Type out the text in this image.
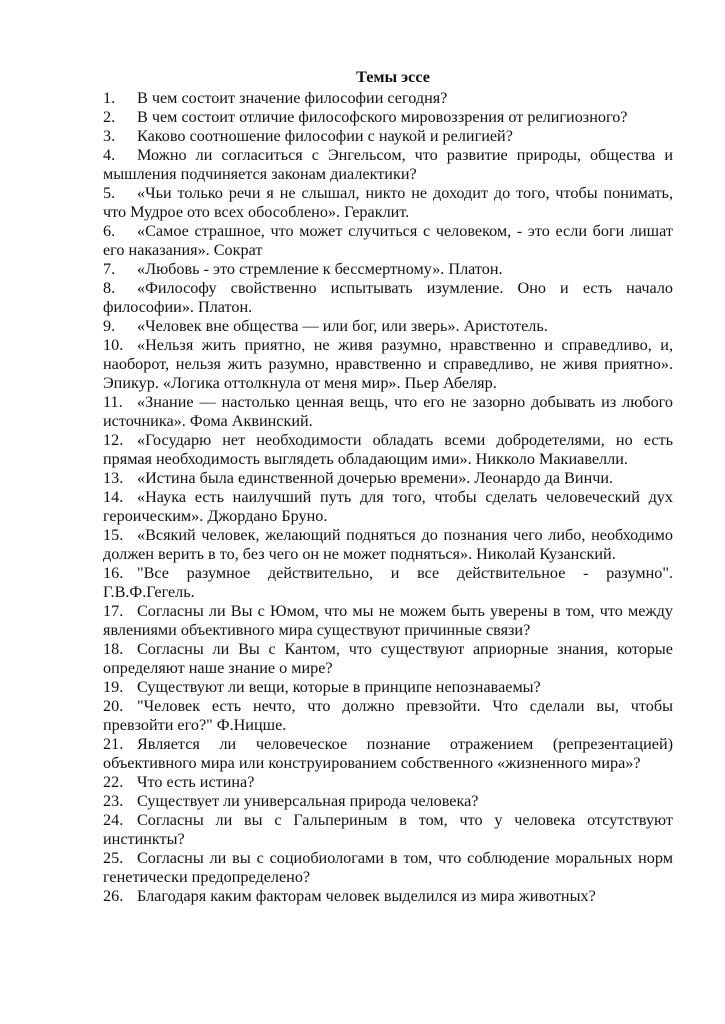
Темы эссе

1. В чем состоит значение философии сегодня?

2. В чем состоит отличие философского мировоззрения от религиозного?

3. Каково соотношение философии с наукой и религией?

4. Можно ли согласиться с Энгельсом, что развитие природы, общества и мышления подчиняется законам диалектики?

5. «Чьи только речи я не слышал, никто не доходит до того, чтобы понимать, что Мудрое ото всех обособлено». Гераклит.

6. «Самое страшное, что может случиться с человеком, - это если боги лишат его наказания». Сократ

7. «Любовь - это стремление к бессмертному». Платон.

8. «Философу свойственно испытывать изумление. Оно и есть начало философии». Платон.

9. «Человек вне общества — или бог, или зверь». Аристотель.

10. «Нельзя жить приятно, не живя разумно, нравственно и справедливо, и, наоборот, нельзя жить разумно, нравственно и справедливо, не живя приятно». Эпикур. «Логика оттолкнула от меня мир». Пьер Абеляр.

11. «Знание — настолько ценная вещь, что его не зазорно добывать из любого источника». Фома Аквинский.

12. «Государю нет необходимости обладать всеми добродетелями, но есть прямая необходимость выглядеть обладающим ими». Никколо Макиавелли.

13. «Истина была единственной дочерью времени». Леонардо да Винчи.

14. «Наука есть наилучший путь для того, чтобы сделать человеческий дух героическим». Джордано Бруно.

15. «Всякий человек, желающий подняться до познания чего либо, необходимо должен верить в то, без чего он не может подняться». Николай Кузанский.

16. "Все разумное действительно, и все действительное - разумно". Г.В.Ф.Гегель.

17. Согласны ли Вы с Юмом, что мы не можем быть уверены в том, что между явлениями объективного мира существуют причинные связи?

18. Согласны ли Вы с Кантом, что существуют априорные знания, которые определяют наше знание о мире?

19. Существуют ли вещи, которые в принципе непознаваемы?

20. "Человек есть нечто, что должно превзойти. Что сделали вы, чтобы превзойти его?" Ф.Ницше.

21. Является ли человеческое познание отражением (репрезентацией) объективного мира или конструированием собственного «жизненного мира»?

22. Что есть истина?

23. Существует ли универсальная природа человека?

24. Согласны ли вы с Гальпериным в том, что у человека отсутствуют инстинкты?

25. Согласны ли вы с социобиологами в том, что соблюдение моральных норм генетически предопределено?

26. Благодаря каким факторам человек выделился из мира животных?
